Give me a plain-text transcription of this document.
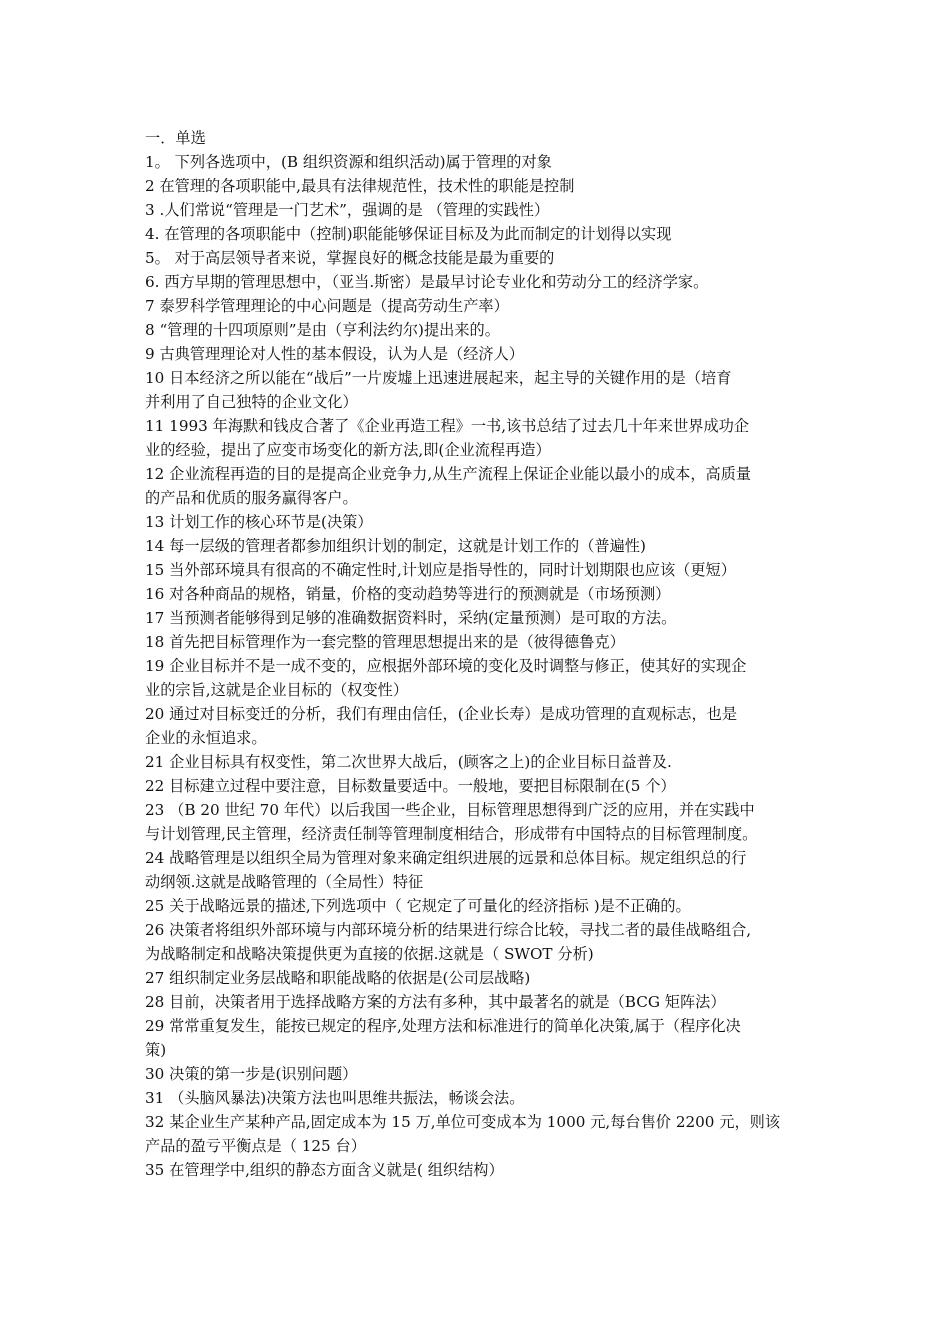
一．单选
1。 下列各选项中，(B 组织资源和组织活动)属于管理的对象
2 在管理的各项职能中,最具有法律规范性，技术性的职能是控制
3 .人们常说“管理是一门艺术”，强调的是 （管理的实践性）
4. 在管理的各项职能中（控制)职能能够保证目标及为此而制定的计划得以实现
5。 对于高层领导者来说，掌握良好的概念技能是最为重要的
6. 西方早期的管理思想中，（亚当.斯密）是最早讨论专业化和劳动分工的经济学家。
7 泰罗科学管理理论的中心问题是（提高劳动生产率）
8 “管理的十四项原则”是由（亨利法约尔)提出来的。
9 古典管理理论对人性的基本假设，认为人是（经济人）
10 日本经济之所以能在“战后”一片废墟上迅速进展起来，起主导的关键作用的是（培育
并利用了自己独特的企业文化）
11 1993 年海默和钱皮合著了《企业再造工程》一书,该书总结了过去几十年来世界成功企
业的经验，提出了应变市场变化的新方法,即(企业流程再造）
12 企业流程再造的目的是提高企业竞争力,从生产流程上保证企业能以最小的成本，高质量
的产品和优质的服务赢得客户。
13 计划工作的核心环节是(决策）
14 每一层级的管理者都参加组织计划的制定，这就是计划工作的（普遍性)
15 当外部环境具有很高的不确定性时,计划应是指导性的，同时计划期限也应该（更短）
16 对各种商品的规格，销量，价格的变动趋势等进行的预测就是（市场预测）
17 当预测者能够得到足够的准确数据资料时，采纳(定量预测）是可取的方法。
18 首先把目标管理作为一套完整的管理思想提出来的是（彼得德鲁克）
19 企业目标并不是一成不变的，应根据外部环境的变化及时调整与修正，使其好的实现企
业的宗旨,这就是企业目标的（权变性）
20 通过对目标变迁的分析，我们有理由信任，(企业长寿）是成功管理的直观标志，也是
企业的永恒追求。
21 企业目标具有权变性，第二次世界大战后，(顾客之上)的企业目标日益普及.
22 目标建立过程中要注意，目标数量要适中。一般地，要把目标限制在(5 个）
23 （B 20 世纪 70 年代）以后我国一些企业，目标管理思想得到广泛的应用，并在实践中
与计划管理,民主管理，经济责任制等管理制度相结合，形成带有中国特点的目标管理制度。
24 战略管理是以组织全局为管理对象来确定组织进展的远景和总体目标。规定组织总的行
动纲领.这就是战略管理的（全局性）特征
25 关于战略远景的描述,下列选项中（ 它规定了可量化的经济指标 )是不正确的。
26 决策者将组织外部环境与内部环境分析的结果进行综合比较，寻找二者的最佳战略组合,
为战略制定和战略决策提供更为直接的依据.这就是（ SWOT 分析)
27 组织制定业务层战略和职能战略的依据是(公司层战略)
28 目前，决策者用于选择战略方案的方法有多种，其中最著名的就是（BCG 矩阵法）
29 常常重复发生，能按已规定的程序,处理方法和标准进行的简单化决策,属于（程序化决
策)
30 决策的第一步是(识别问题）
31 （头脑风暴法)决策方法也叫思维共振法，畅谈会法。
32 某企业生产某种产品,固定成本为 15 万,单位可变成本为 1000 元,每台售价 2200 元，则该
产品的盈亏平衡点是（ 125 台）
35 在管理学中,组织的静态方面含义就是( 组织结构）
